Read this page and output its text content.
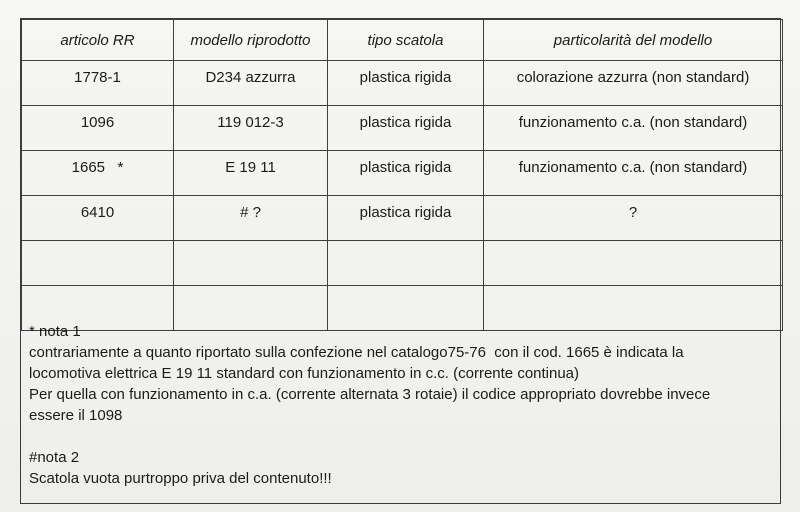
articolo RR	modello riprodotto	tipo scatola	particolarità del modello
1778-1	D234 azzurra	plastica rigida	colorazione azzurra (non standard)
1096	119 012-3	plastica rigida	funzionamento c.a. (non standard)
1665   *	E 19 11	plastica rigida	funzionamento c.a. (non standard)
6410	# ?	plastica rigida	?

* nota 1
contrariamente a quanto riportato sulla confezione nel catalogo75-76  con il cod. 1665 è indicata la
locomotiva elettrica E 19 11 standard con funzionamento in c.c. (corrente continua)
Per quella con funzionamento in c.a. (corrente alternata 3 rotaie) il codice appropriato dovrebbe invece
essere il 1098
#nota 2
Scatola vuota purtroppo priva del contenuto!!!
